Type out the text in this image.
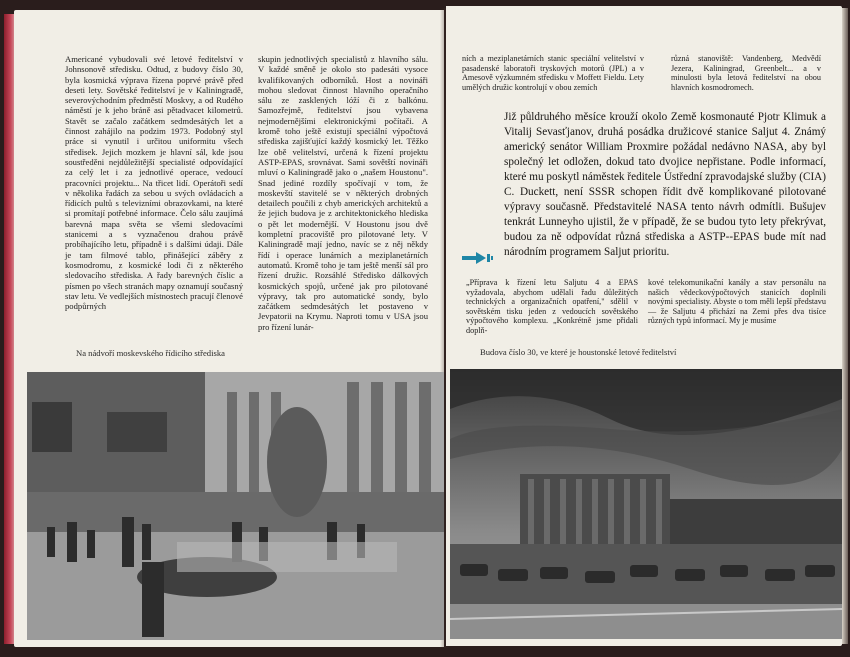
Americané vybudovali své letové ředitelství v Johnsonově středisku. Odtud, z budovy číslo 30, byla kosmická výprava řízena poprvé právě před deseti lety. Sovětské ředitelství je v Kaliningradě, severovýchodním předměstí Moskvy, a od Rudého náměstí je k jeho bráně asi pětadvacet kilometrů. Stavět se začalo začátkem sedmdesátých let a činnost zahájilo na podzim 1973. Podobný styl práce si vynutil i určitou uniformitu všech středisek. Jejich mozkem je hlavní sál, kde jsou soustředěni nejdůležitější specialisté odpovídající za celý let i za jednotlivé operace, vedoucí pracovníci projektu... Na třicet lidí. Operátoři sedí v několika řadách za sebou u svých ovládacích a řídicích pultů s televizními obrazovkami, na které si promítají potřebné informace. Čelo sálu zaujímá barevná mapa světa se všemi sledovacími stanicemi a s vyznačenou drahou právě probíhajícího letu, případně i s dalšími údaji. Dále je tam filmové tablo, přinášející záběry z kosmodromu, z kosmické lodi či z některého sledovacího střediska. A řady barevných číslic a písmen po všech stranách mapy oznamují současný stav letu. Ve vedlejších místnostech pracují členové podpůrných

skupin jednotlivých specialistů z hlavního sálu. V každé směně je okolo sto padesáti vysoce kvalifikovaných odborníků. Host a novináři mohou sledovat činnost hlavního operačního sálu ze zasklených lóží či z balkónu. Samozřejmě, ředitelství jsou vybavena nejmodernějšími elektronickými počítači. A kromě toho ještě existují speciální výpočtová střediska zajišťující každý kosmický let. Těžko lze obě velitelství, určená k řízení projektu ASTP-EPAS, srovnávat. Sami sovětští novináři mluví o Kaliningradě jako o „našem Houstonu". Snad jediné rozdíly spočívají v tom, že moskevští stavitelé se v některých drobných detailech poučili z chyb amerických architektů a že jejich budova je z architektonického hlediska o pět let modernější. V Houstonu jsou dvě kompletní pracoviště pro pilotované lety. V Kaliningradě mají jedno, navíc se z něj někdy řídí i operace lunárních a meziplanetárních automatů. Kromě toho je tam ještě menší sál pro řízení družic. Rozsáhlé Středisko dálkových kosmických spojů, určené jak pro pilotované výpravy, tak pro automatické sondy, bylo začátkem sedmdesátých let postaveno v Jevpatorii na Krymu. Naproti tomu v USA jsou pro řízení lunár-

Na nádvoří moskevského řídicího střediska
ních a meziplanetárních stanic speciální velitelství v pasadenské laboratoři tryskových motorů (JPL) a v Amesově výzkumném středisku v Moffett Fieldu. Lety umělých družic kontrolují v obou zemích
různá stanoviště: Vandenberg, Medvědí Jezera, Kaliningrad, Greenbelt... a v minulosti byla letová ředitelství na obou hlavních kosmodromech.

Již půldruhého měsíce krouží okolo Země kosmonauté Pjotr Klimuk a Vitalij Sevasťjanov, druhá posádka družicové stanice Saljut 4. Známý americký senátor William Proxmire požádal nedávno NASA, aby byl společný let odložen, dokud tato dvojice nepřistane. Podle informací, které mu poskytl náměstek ředitele Ústřední zpravodajské služby (CIA) C. Duckett, není SSSR schopen řídit dvě komplikované pilotované výpravy současně. Představitelé NASA tento návrh odmítli. Bušujev tenkrát Lunneyho ujistil, že v případě, že se budou tyto lety překrývat, budou za ně odpovídat různá střediska a ASTP--EPAS bude mít nad národním programem Saljut prioritu.

„Příprava k řízení letu Saljutu 4 a EPAS vyžadovala, abychom udělali řadu důležitých technických a organizačních opatření," sdělil v sovětském tisku jeden z vedoucích sovětského výpočtového komplexu. „Konkrétně jsme přidali doplň-
kové telekomunikační kanály a stav personálu na našich vědeckovýpočtových stanicích doplnili novými specialisty. Abyste o tom měli lepší představu — že Saljutu 4 přichází na Zemi přes dva tisíce různých typů informací. My je musíme
Budova číslo 30, ve které je houstonské letové ředitelství
